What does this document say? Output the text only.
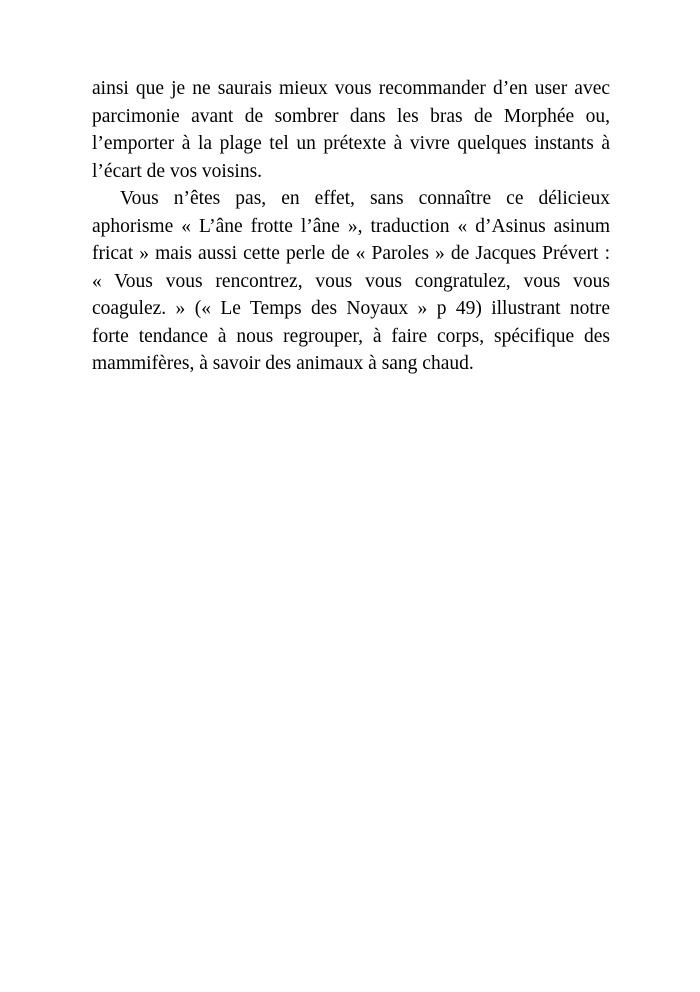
ainsi que je ne saurais mieux vous recommander d’en user avec
parcimonie avant de sombrer dans les bras de Morphée ou,
l’emporter à la plage tel un prétexte à vivre quelques instants à
l’écart de vos voisins.

Vous n’êtes pas, en effet, sans connaître ce délicieux
aphorisme « L’âne frotte l’âne », traduction « d’Asinus asinum
fricat » mais aussi cette perle de « Paroles » de Jacques Prévert :
« Vous vous rencontrez, vous vous congratulez, vous vous
coagulez. » (« Le Temps des Noyaux » p 49) illustrant notre
forte tendance à nous regrouper, à faire corps, spécifique des
mammifères, à savoir des animaux à sang chaud.
